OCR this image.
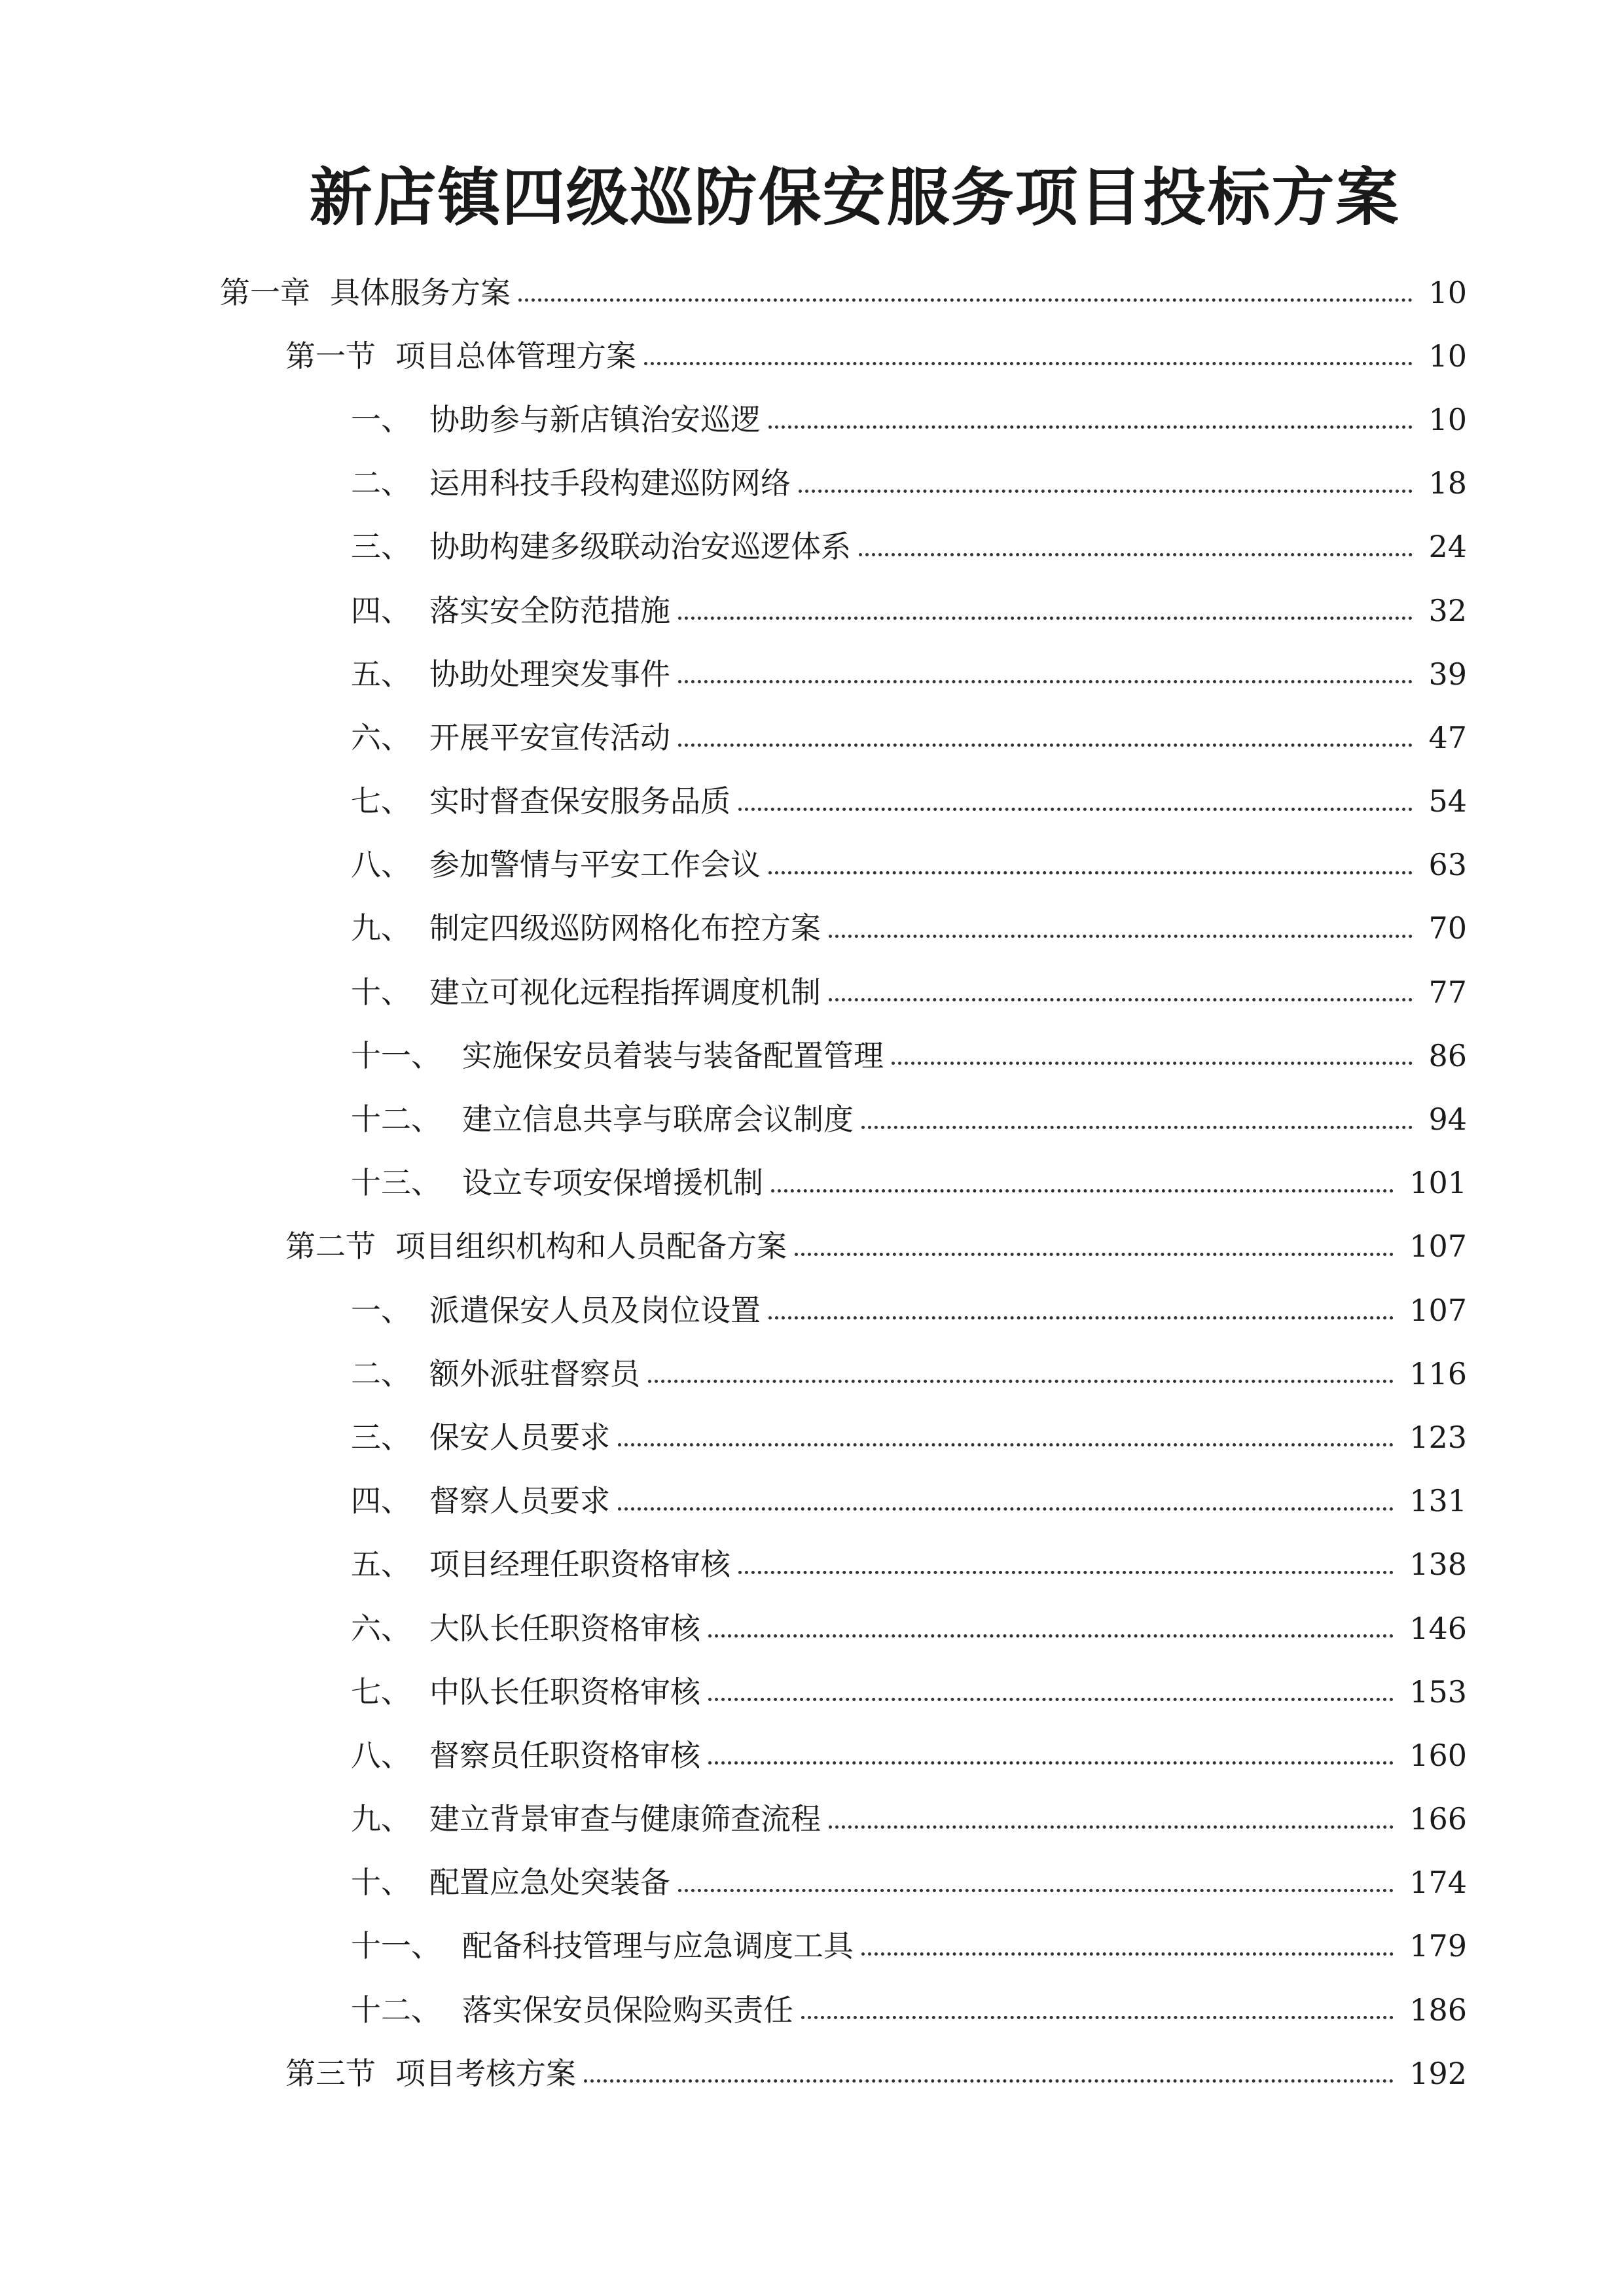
新店镇四级巡防保安服务项目投标方案
第一章 具体服务方案	10
第一节 项目总体管理方案	10
一、 协助参与新店镇治安巡逻	10
二、 运用科技手段构建巡防网络	18
三、 协助构建多级联动治安巡逻体系	24
四、 落实安全防范措施	32
五、 协助处理突发事件	39
六、 开展平安宣传活动	47
七、 实时督查保安服务品质	54
八、 参加警情与平安工作会议	63
九、 制定四级巡防网格化布控方案	70
十、 建立可视化远程指挥调度机制	77
十一、 实施保安员着装与装备配置管理	86
十二、 建立信息共享与联席会议制度	94
十三、 设立专项安保增援机制	101
第二节 项目组织机构和人员配备方案	107
一、 派遣保安人员及岗位设置	107
二、 额外派驻督察员	116
三、 保安人员要求	123
四、 督察人员要求	131
五、 项目经理任职资格审核	138
六、 大队长任职资格审核	146
七、 中队长任职资格审核	153
八、 督察员任职资格审核	160
九、 建立背景审查与健康筛查流程	166
十、 配置应急处突装备	174
十一、 配备科技管理与应急调度工具	179
十二、 落实保安员保险购买责任	186
第三节 项目考核方案	192
